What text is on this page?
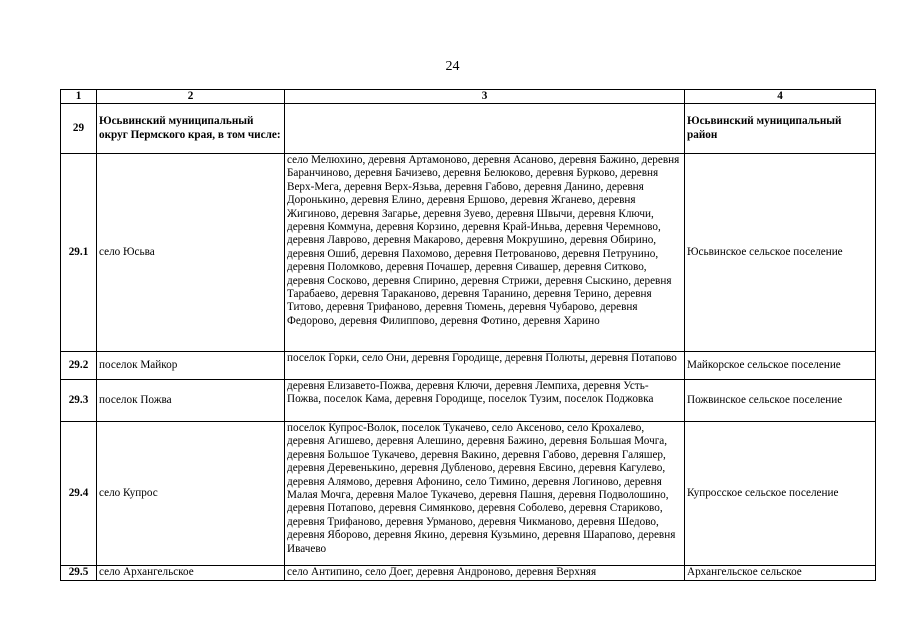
24
1	2	3	4
29	Юсьвинский муниципальный округ Пермского края, в том числе:		Юсьвинский муниципальный район
29.1	село Юсьва	село Мелюхино, деревня Артамоново, деревня Асаново, деревня Бажино, деревня Баранчиново, деревня Бачизево, деревня Белюково, деревня Бурково, деревня Верх-Мега, деревня Верх-Язьва, деревня Габово, деревня Данино, деревня Доронькино, деревня Елино, деревня Ершово, деревня Жганево, деревня Жигиново, деревня Загарье, деревня Зуево, деревня Швычи, деревня Ключи, деревня Коммуна, деревня Корзино, деревня Край-Иньва, деревня Черемново, деревня Лаврово, деревня Макарово, деревня Мокрушино, деревня Обирино, деревня Ошиб, деревня Пахомово, деревня Петрованово, деревня Петрунино, деревня Поломково, деревня Почашер, деревня Сивашер, деревня Ситково, деревня Сосково, деревня Спирино, деревня Стрижи, деревня Сыскино, деревня Тарабаево, деревня Тараканово, деревня Таранино, деревня Терино, деревня Титово, деревня Трифаново, деревня Тюмень, деревня Чубарово, деревня Федорово, деревня Филиппово, деревня Фотино, деревня Харино	Юсьвинское сельское поселение
29.2	поселок Майкор	поселок Горки, село Они, деревня Городище, деревня Полюты, деревня Потапово	Майкорское сельское поселение
29.3	поселок Пожва	деревня Елизавето-Пожва, деревня Ключи, деревня Лемпиха, деревня Усть-Пожва, поселок Кама, деревня Городище, поселок Тузим, поселок Поджовка	Пожвинское сельское поселение
29.4	село Купрос	поселок Купрос-Волок, поселок Тукачево, село Аксеново, село Крохалево, деревня Агишево, деревня Алешино, деревня Бажино, деревня Большая Мочга, деревня Большое Тукачево, деревня Вакино, деревня Габово, деревня Галяшер, деревня Деревенькино, деревня Дубленово, деревня Евсино, деревня Кагулево, деревня Алямово, деревня Афонино, село Тимино, деревня Логиново, деревня Малая Мочга, деревня Малое Тукачево, деревня Пашня, деревня Подволошино, деревня Потапово, деревня Симянково, деревня Соболево, деревня Стариково, деревня Трифаново, деревня Урманово, деревня Чикманово, деревня Шедово, деревня Яборово, деревня Якино, деревня Кузьмино, деревня Шарапово, деревня Ивачево	Купросское сельское поселение
29.5	село Архангельское	село Антипино, село Доег, деревня Андроново, деревня Верхняя	Архангельское сельское
